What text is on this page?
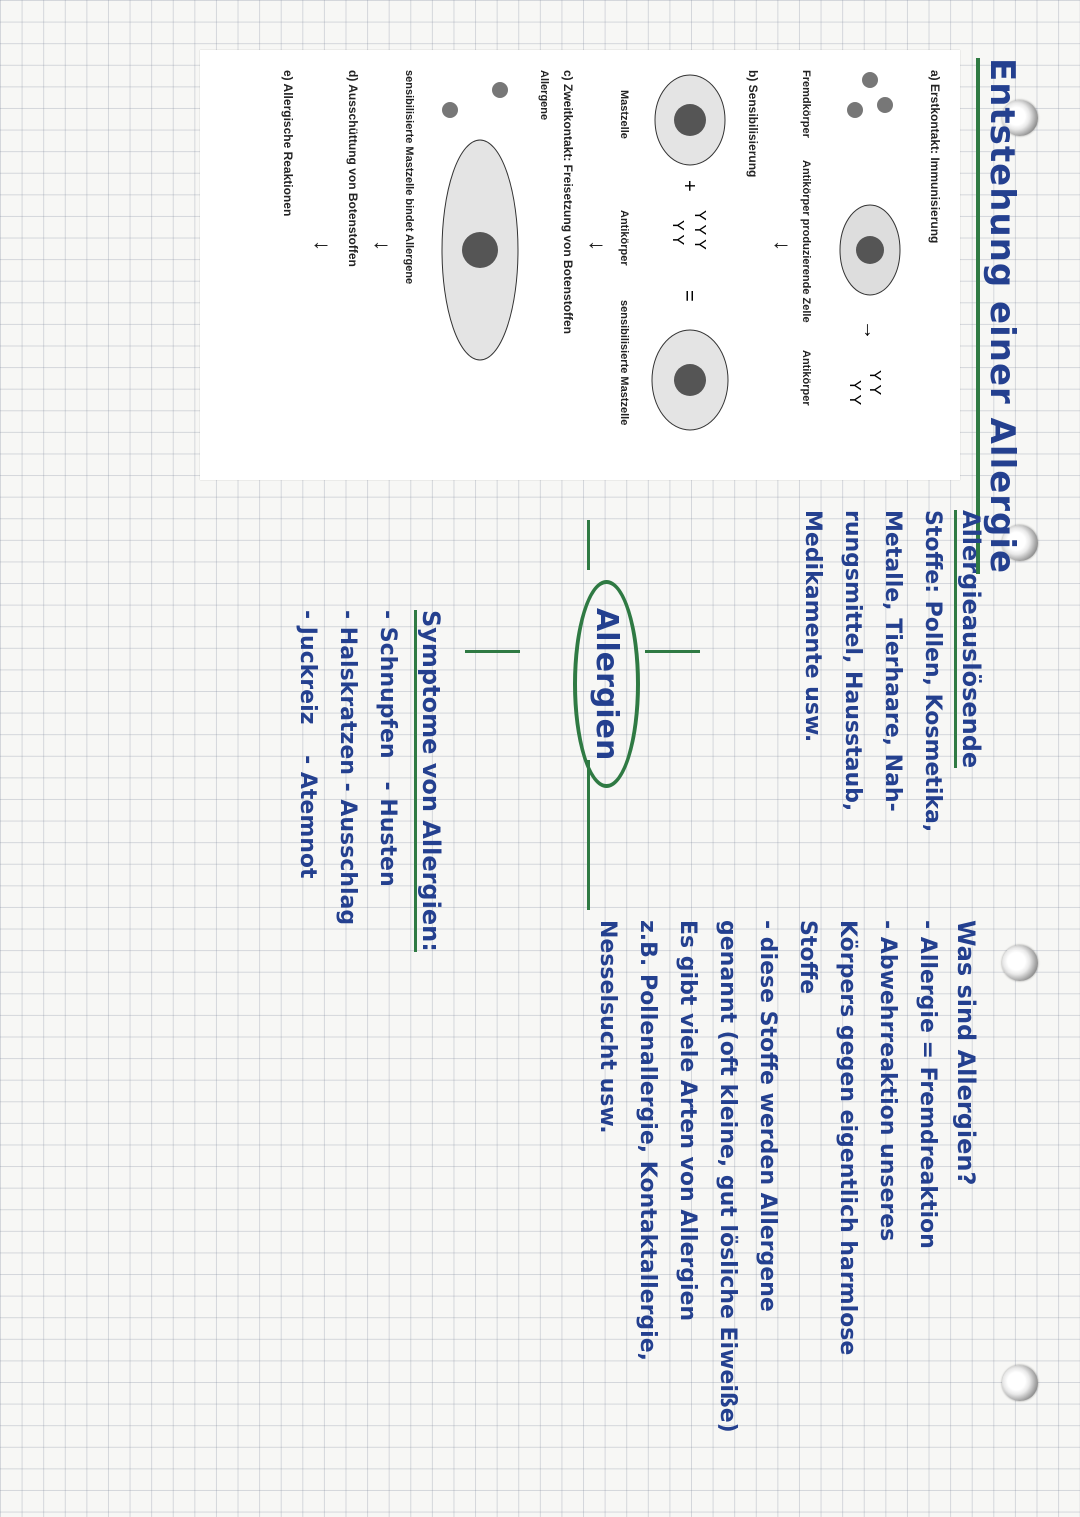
Entstehung einer Allergie
a) Erstkontakt: Immunisierung
→
Y Y
Y Y
Fremdkörper
Antikörper produzierende Zelle
Antikörper
↓
b) Sensibilisierung
+
Y Y Y
Y Y
=
Mastzelle
Antikörper
sensibilisierte Mastzelle
↓
c) Zweitkontakt: Freisetzung von Botenstoffen
Allergene
sensibilisierte Mastzelle bindet Allergene
↓
d) Ausschüttung von Botenstoffen
↓
e) Allergische Reaktionen
Allergieauslösende
Stoffe: Pollen, Kosmetika,
Metalle, Tierhaare, Nah-
rungsmittel, Hausstaub,
Medikamente usw.
Was sind Allergien?
- Allergie = Fremdreaktion
- Abwehrreaktion unseres
Körpers gegen eigentlich harmlose
Stoffe
- diese Stoffe werden Allergene
genannt (oft kleine, gut lösliche Eiweiße)
Es gibt viele Arten von Allergien
z.B. Pollenallergie, Kontaktallergie,
Nesselsucht usw.
Allergien
Symptome von Allergien:
- Schnupfen   - Husten
- Halskratzen - Ausschlag
- Juckreiz    - Atemnot
